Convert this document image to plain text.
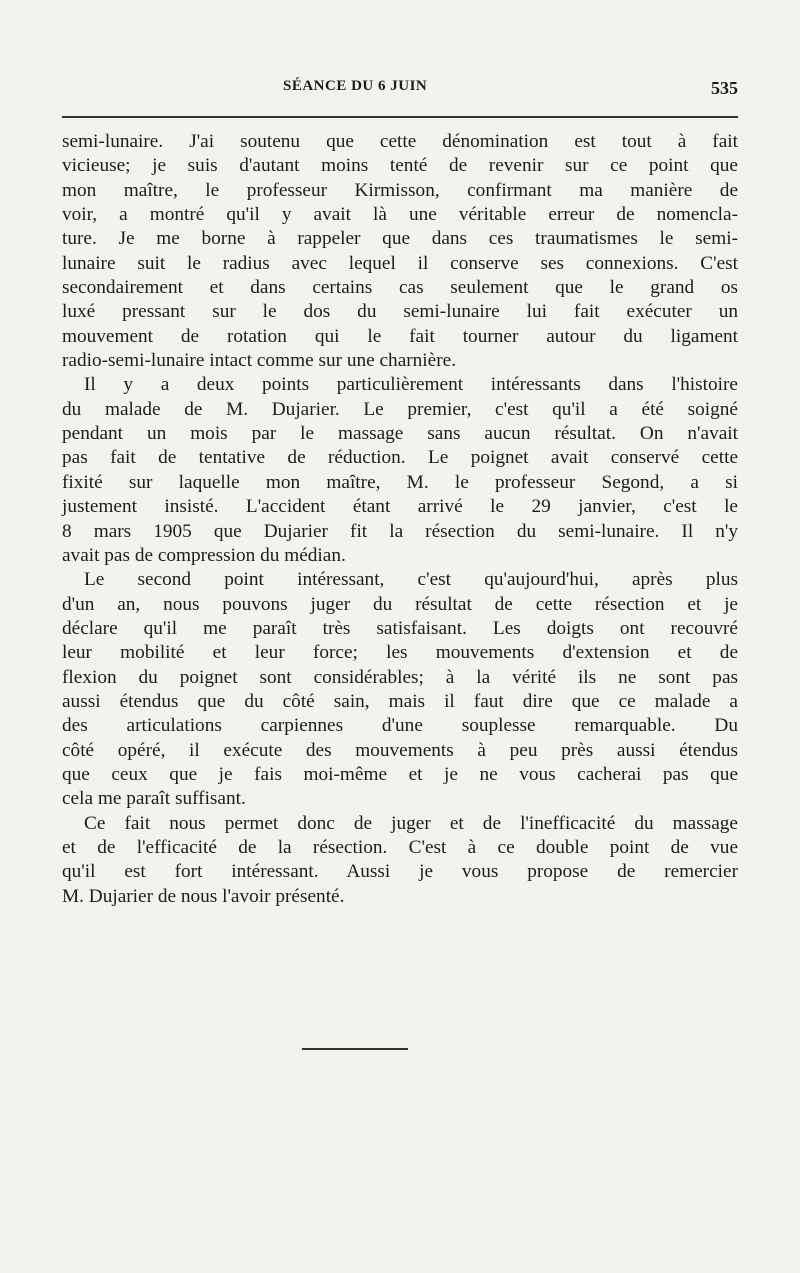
SÉANCE DU 6 JUIN	535
semi-lunaire. J'ai soutenu que cette dénomination est tout à fait
vicieuse; je suis d'autant moins tenté de revenir sur ce point que
mon maître, le professeur Kirmisson, confirmant ma manière de
voir, a montré qu'il y avait là une véritable erreur de nomencla-
ture. Je me borne à rappeler que dans ces traumatismes le semi-
lunaire suit le radius avec lequel il conserve ses connexions. C'est
secondairement et dans certains cas seulement que le grand os
luxé pressant sur le dos du semi-lunaire lui fait exécuter un
mouvement de rotation qui le fait tourner autour du ligament
radio-semi-lunaire intact comme sur une charnière.
Il y a deux points particulièrement intéressants dans l'histoire
du malade de M. Dujarier. Le premier, c'est qu'il a été soigné
pendant un mois par le massage sans aucun résultat. On n'avait
pas fait de tentative de réduction. Le poignet avait conservé cette
fixité sur laquelle mon maître, M. le professeur Segond, a si
justement insisté. L'accident étant arrivé le 29 janvier, c'est le
8 mars 1905 que Dujarier fit la résection du semi-lunaire. Il n'y
avait pas de compression du médian.
Le second point intéressant, c'est qu'aujourd'hui, après plus
d'un an, nous pouvons juger du résultat de cette résection et je
déclare qu'il me paraît très satisfaisant. Les doigts ont recouvré
leur mobilité et leur force; les mouvements d'extension et de
flexion du poignet sont considérables; à la vérité ils ne sont pas
aussi étendus que du côté sain, mais il faut dire que ce malade a
des articulations carpiennes d'une souplesse remarquable. Du
côté opéré, il exécute des mouvements à peu près aussi étendus
que ceux que je fais moi-même et je ne vous cacherai pas que
cela me paraît suffisant.
Ce fait nous permet donc de juger et de l'inefficacité du massage
et de l'efficacité de la résection. C'est à ce double point de vue
qu'il est fort intéressant. Aussi je vous propose de remercier
M. Dujarier de nous l'avoir présenté.
